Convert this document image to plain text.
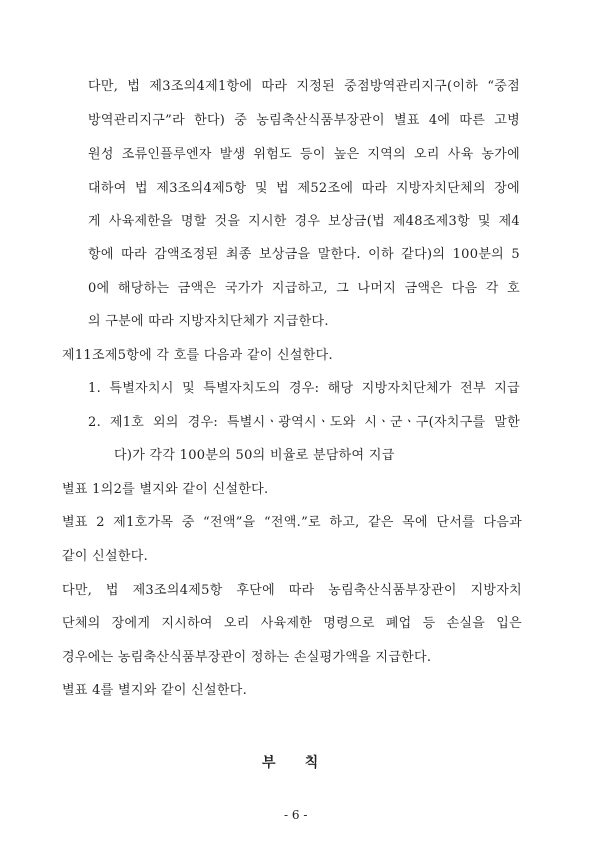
다만, 법 제3조의4제1항에 따라 지정된 중점방역관리지구(이하 “중점
방역관리지구”라 한다) 중 농림축산식품부장관이 별표 4에 따른 고병
원성 조류인플루엔자 발생 위험도 등이 높은 지역의 오리 사육 농가에
대하여 법 제3조의4제5항 및 법 제52조에 따라 지방자치단체의 장에
게 사육제한을 명할 것을 지시한 경우 보상금(법 제48조제3항 및 제4
항에 따라 감액조정된 최종 보상금을 말한다. 이하 같다)의 100분의 5
0에 해당하는 금액은 국가가 지급하고, 그 나머지 금액은 다음 각 호
의 구분에 따라 지방자치단체가 지급한다.
제11조제5항에 각 호를 다음과 같이 신설한다.
1. 특별자치시 및 특별자치도의 경우: 해당 지방자치단체가 전부 지급
2. 제1호 외의 경우: 특별시ㆍ광역시ㆍ도와 시ㆍ군ㆍ구(자치구를 말한
다)가 각각 100분의 50의 비율로 분담하여 지급
별표 1의2를 별지와 같이 신설한다.
별표 2 제1호가목 중 “전액”을 “전액.”로 하고, 같은 목에 단서를 다음과
같이 신설한다.
다만, 법 제3조의4제5항 후단에 따라 농림축산식품부장관이 지방자치
단체의 장에게 지시하여 오리 사육제한 명령으로 폐업 등 손실을 입은
경우에는 농림축산식품부장관이 정하는 손실평가액을 지급한다.
별표 4를 별지와 같이 신설한다.
부      칙
- 6 -
